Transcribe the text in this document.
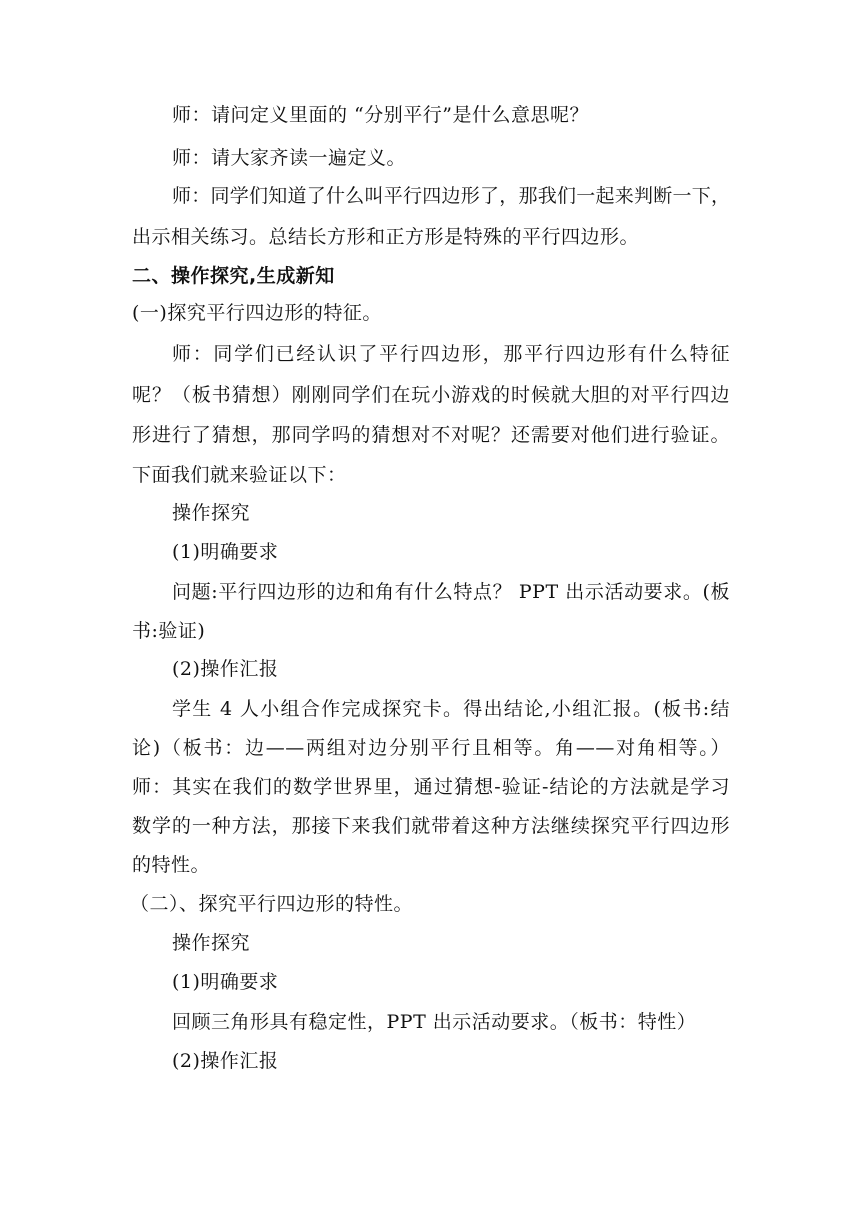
师：请问定义里面的 “分别平行”是什么意思呢？
师：请大家齐读一遍定义。
师：同学们知道了什么叫平行四边形了，那我们一起来判断一下，
出示相关练习。总结长方形和正方形是特殊的平行四边形。
二、操作探究,生成新知
(一)探究平行四边形的特征。
师：同学们已经认识了平行四边形，那平行四边形有什么特征
呢？（板书猜想）刚刚同学们在玩小游戏的时候就大胆的对平行四边
形进行了猜想，那同学吗的猜想对不对呢？还需要对他们进行验证。
下面我们就来验证以下：
操作探究
(1)明确要求
问题:平行四边形的边和角有什么特点？ PPT 出示活动要求。(板
书:验证)
(2)操作汇报
学生 4 人小组合作完成探究卡。得出结论,小组汇报。(板书:结
论)（板书：边——两组对边分别平行且相等。角——对角相等。）
师：其实在我们的数学世界里，通过猜想-验证-结论的方法就是学习
数学的一种方法，那接下来我们就带着这种方法继续探究平行四边形
的特性。
（二）、探究平行四边形的特性。
操作探究
(1)明确要求
回顾三角形具有稳定性，PPT 出示活动要求。（板书：特性）
(2)操作汇报
